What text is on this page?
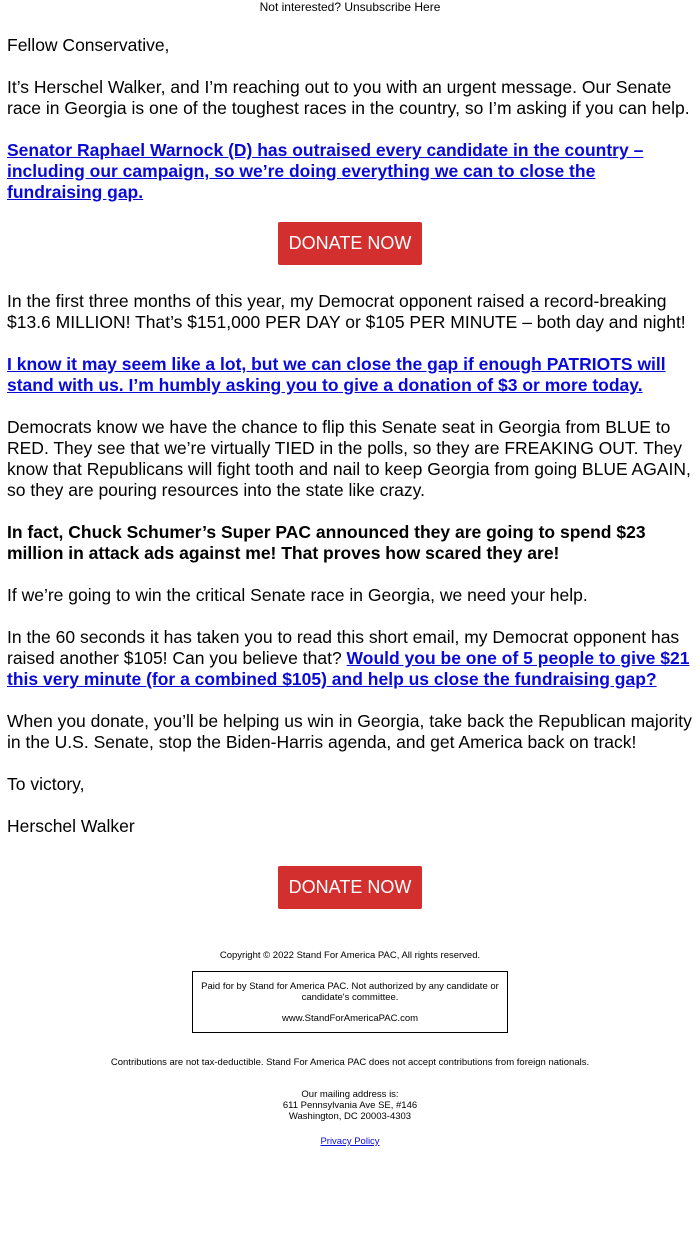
Not interested? Unsubscribe Here

Fellow Conservative,

It’s Herschel Walker, and I’m reaching out to you with an urgent message. Our Senate race in Georgia is one of the toughest races in the country, so I’m asking if you can help.

Senator Raphael Warnock (D) has outraised every candidate in the country – including our campaign, so we’re doing everything we can to close the fundraising gap.

DONATE NOW

In the first three months of this year, my Democrat opponent raised a record-breaking $13.6 MILLION! That’s $151,000 PER DAY or $105 PER MINUTE – both day and night!

I know it may seem like a lot, but we can close the gap if enough PATRIOTS will stand with us. I’m humbly asking you to give a donation of $3 or more today.

Democrats know we have the chance to flip this Senate seat in Georgia from BLUE to RED. They see that we’re virtually TIED in the polls, so they are FREAKING OUT. They know that Republicans will fight tooth and nail to keep Georgia from going BLUE AGAIN, so they are pouring resources into the state like crazy.

In fact, Chuck Schumer’s Super PAC announced they are going to spend $23 million in attack ads against me! That proves how scared they are!

If we’re going to win the critical Senate race in Georgia, we need your help.

In the 60 seconds it has taken you to read this short email, my Democrat opponent has raised another $105! Can you believe that? Would you be one of 5 people to give $21 this very minute (for a combined $105) and help us close the fundraising gap?

When you donate, you’ll be helping us win in Georgia, take back the Republican majority in the U.S. Senate, stop the Biden-Harris agenda, and get America back on track!

To victory,

Herschel Walker

DONATE NOW
Copyright © 2022 Stand For America PAC, All rights reserved.
Paid for by Stand for America PAC. Not authorized by any candidate or candidate's committee.
www.StandForAmericaPAC.com
Contributions are not tax-deductible. Stand For America PAC does not accept contributions from foreign nationals.
Our mailing address is:
611 Pennsylvania Ave SE, #146
Washington, DC 20003-4303
Privacy Policy
